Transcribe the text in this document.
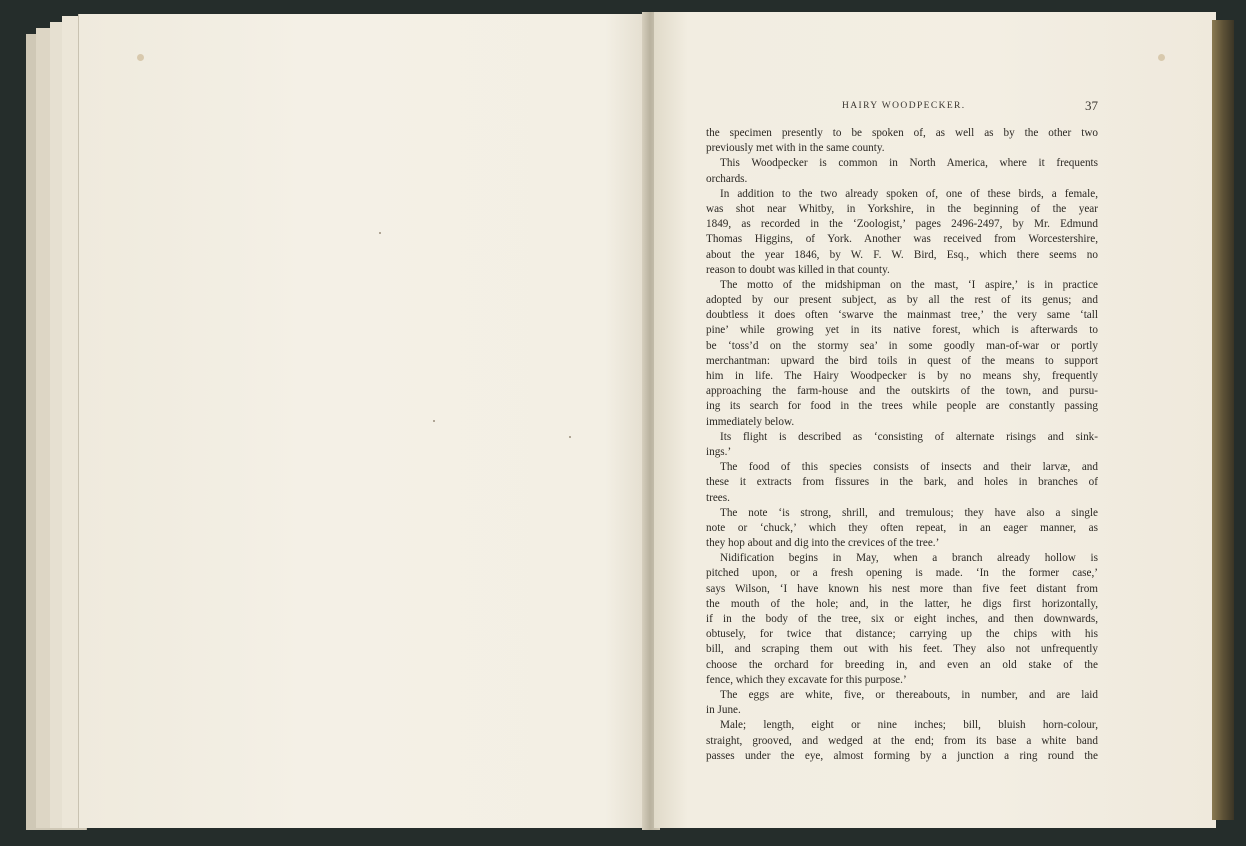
HAIRY WOODPECKER.	37
the specimen presently to be spoken of, as well as by the other two
previously met with in the same county.
This Woodpecker is common in North America, where it frequents
orchards.
In addition to the two already spoken of, one of these birds, a female,
was shot near Whitby, in Yorkshire, in the beginning of the year
1849, as recorded in the ‘Zoologist,’ pages 2496-2497, by Mr. Edmund
Thomas Higgins, of York. Another was received from Worcestershire,
about the year 1846, by W. F. W. Bird, Esq., which there seems no
reason to doubt was killed in that county.
The motto of the midshipman on the mast, ‘I aspire,’ is in practice
adopted by our present subject, as by all the rest of its genus; and
doubtless it does often ‘swarve the mainmast tree,’ the very same ‘tall
pine’ while growing yet in its native forest, which is afterwards to
be ‘toss’d on the stormy sea’ in some goodly man-of-war or portly
merchantman: upward the bird toils in quest of the means to support
him in life. The Hairy Woodpecker is by no means shy, frequently
approaching the farm-house and the outskirts of the town, and pursu-
ing its search for food in the trees while people are constantly passing
immediately below.
Its flight is described as ‘consisting of alternate risings and sink-
ings.’
The food of this species consists of insects and their larvæ, and
these it extracts from fissures in the bark, and holes in branches of
trees.
The note ‘is strong, shrill, and tremulous; they have also a single
note or ‘chuck,’ which they often repeat, in an eager manner, as
they hop about and dig into the crevices of the tree.’
Nidification begins in May, when a branch already hollow is
pitched upon, or a fresh opening is made. ‘In the former case,’
says Wilson, ‘I have known his nest more than five feet distant from
the mouth of the hole; and, in the latter, he digs first horizontally,
if in the body of the tree, six or eight inches, and then downwards,
obtusely, for twice that distance; carrying up the chips with his
bill, and scraping them out with his feet. They also not unfrequently
choose the orchard for breeding in, and even an old stake of the
fence, which they excavate for this purpose.’
The eggs are white, five, or thereabouts, in number, and are laid
in June.
Male; length, eight or nine inches; bill, bluish horn-colour,
straight, grooved, and wedged at the end; from its base a white band
passes under the eye, almost forming by a junction a ring round the
